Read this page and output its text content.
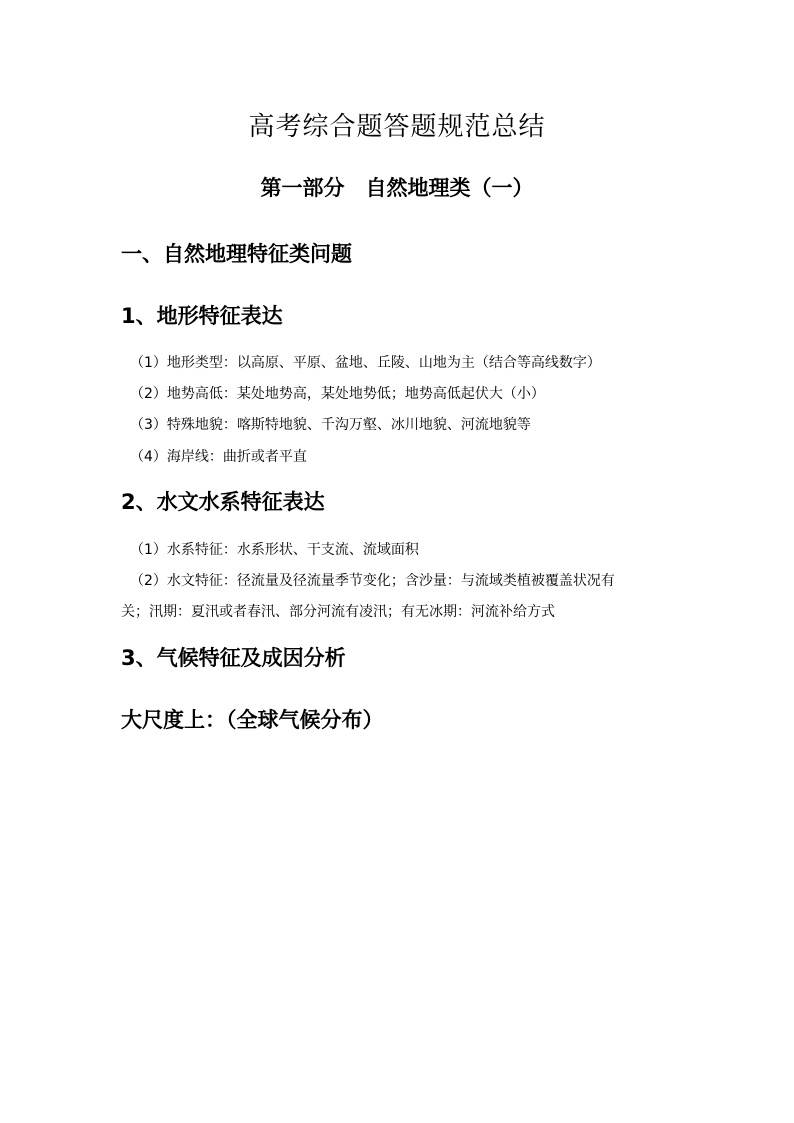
高考综合题答题规范总结
第一部分　自然地理类（一）
一、自然地理特征类问题
1、地形特征表达
（1）地形类型：以高原、平原、盆地、丘陵、山地为主（结合等高线数字）
（2）地势高低：某处地势高，某处地势低；地势高低起伏大（小）
（3）特殊地貌：喀斯特地貌、千沟万壑、冰川地貌、河流地貌等
（4）海岸线：曲折或者平直
2、水文水系特征表达
（1）水系特征：水系形状、干支流、流域面积
（2）水文特征：径流量及径流量季节变化；含沙量：与流域类植被覆盖状况有
关；汛期：夏汛或者春汛、部分河流有凌汛；有无冰期：河流补给方式
3、气候特征及成因分析
大尺度上：（全球气候分布）
